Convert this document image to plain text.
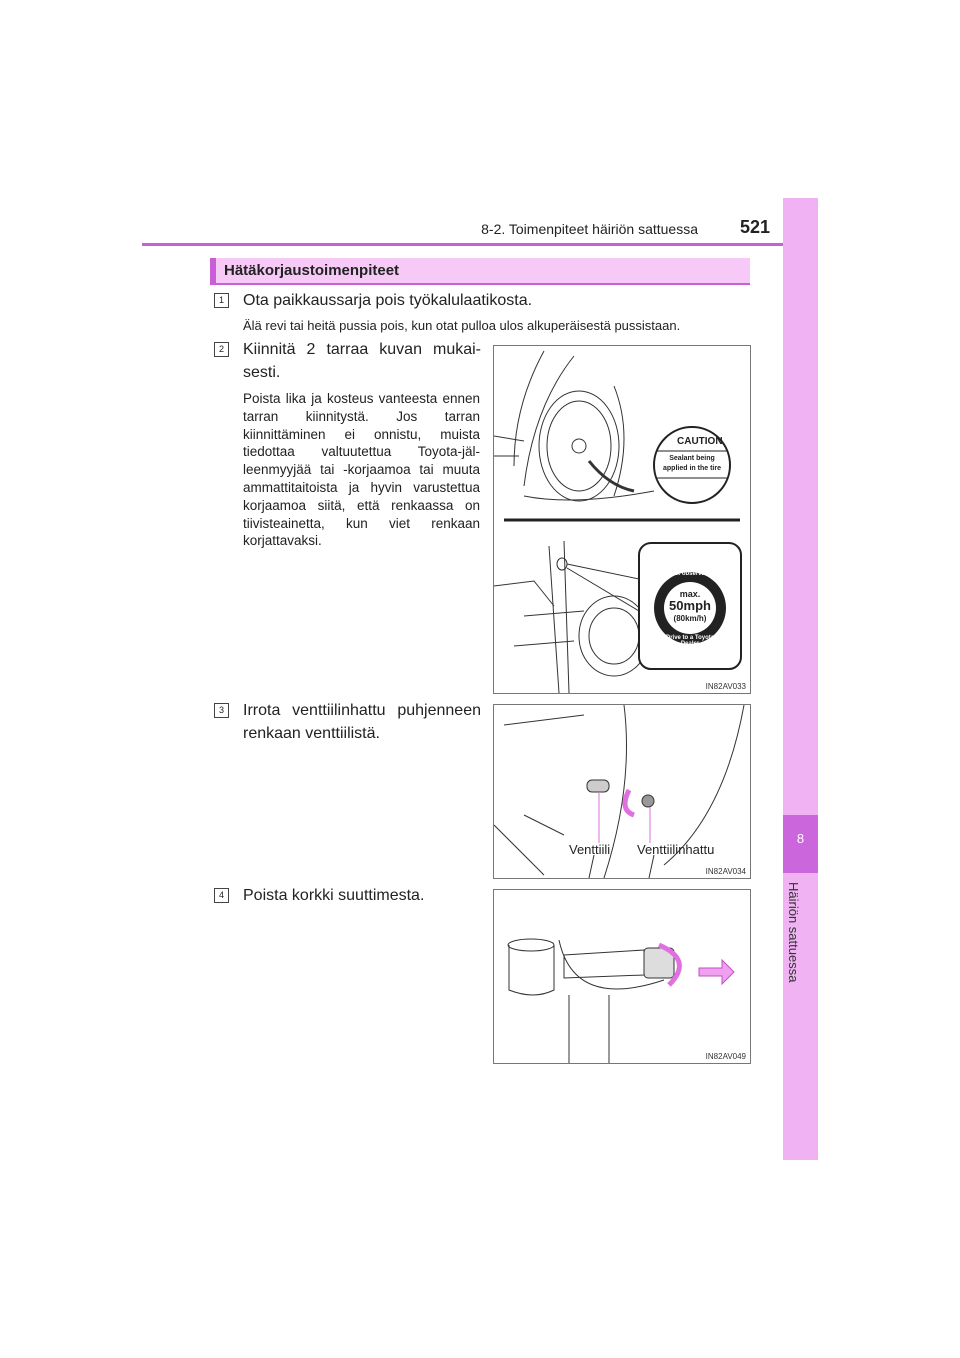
8-2. Toimenpiteet häiriön sattuessa 521
8
Häiriön sattuessa
Hätäkorjaustoimenpiteet
1	Ota paikkaussarja pois työkalulaatikosta.
Älä revi tai heitä pussia pois, kun otat pulloa ulos alkuperäisestä pussistaan.
2	Kiinnitä 2 tarraa kuvan mukai-sesti.
Poista lika ja kosteus vanteesta ennen tarran kiinnitystä. Jos tarran kiinnittäminen ei onnistu, muista tiedottaa valtuutettua Toyota-jäl-leenmyyjää tai -korjaamoa tai muuta ammattitaitoista ja hyvin varustettua korjaamoa siitä, että renkaassa on tiivisteainetta, kun viet renkaan korjattavaksi.
CAUTION
Sealant being applied in the tire
Strict observance
max.
50mph
(80km/h)
Drive to a Toyota Dealer
IN82AV033
3	Irrota venttiilinhattu puhjenneen renkaan venttiilistä.
Venttiili Venttiilinhattu
IN82AV034
4	Poista korkki suuttimesta.
IN82AV049
